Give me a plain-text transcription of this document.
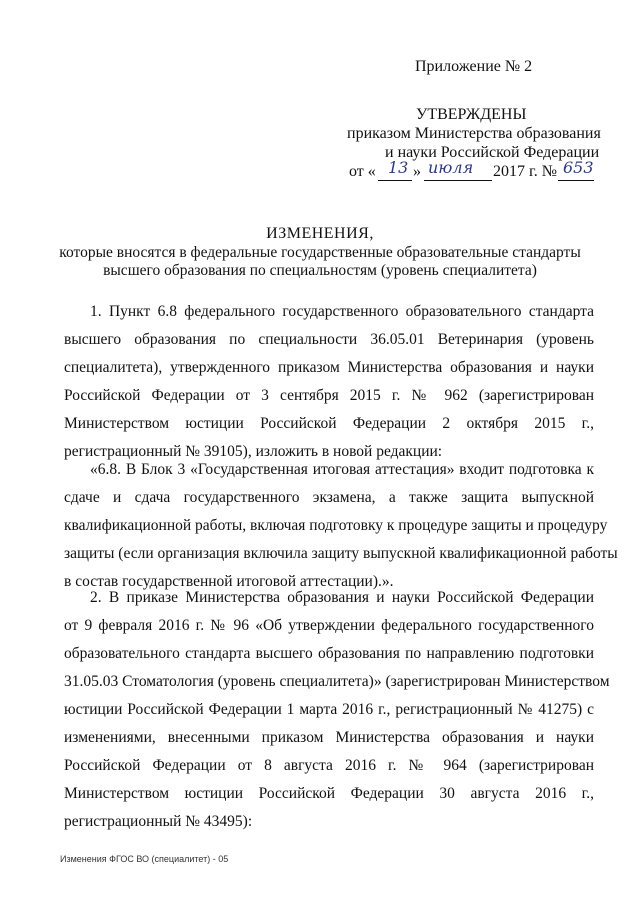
Приложение № 2
УТВЕРЖДЕНЫ
приказом Министерства образования
и науки Российской Федерации
от « 13 » июля 2017 г. № 653
ИЗМЕНЕНИЯ,
которые вносятся в федеральные государственные образовательные стандарты
высшего образования по специальностям (уровень специалитета)
1. Пункт 6.8 федерального государственного образовательного стандарта
высшего образования по специальности 36.05.01 Ветеринария (уровень
специалитета), утвержденного приказом Министерства образования и науки
Российской Федерации от 3 сентября 2015 г. № 962 (зарегистрирован
Министерством юстиции Российской Федерации 2 октября 2015 г.,
регистрационный № 39105), изложить в новой редакции:
«6.8. В Блок 3 «Государственная итоговая аттестация» входит подготовка к
сдаче и сдача государственного экзамена, а также защита выпускной
квалификационной работы, включая подготовку к процедуре защиты и процедуру
защиты (если организация включила защиту выпускной квалификационной работы
в состав государственной итоговой аттестации).».
2. В приказе Министерства образования и науки Российской Федерации
от 9 февраля 2016 г. № 96 «Об утверждении федерального государственного
образовательного стандарта высшего образования по направлению подготовки
31.05.03 Стоматология (уровень специалитета)» (зарегистрирован Министерством
юстиции Российской Федерации 1 марта 2016 г., регистрационный № 41275) с
изменениями, внесенными приказом Министерства образования и науки
Российской Федерации от 8 августа 2016 г. № 964 (зарегистрирован
Министерством юстиции Российской Федерации 30 августа 2016 г.,
регистрационный № 43495):
Изменения ФГОС ВО (специалитет) - 05
